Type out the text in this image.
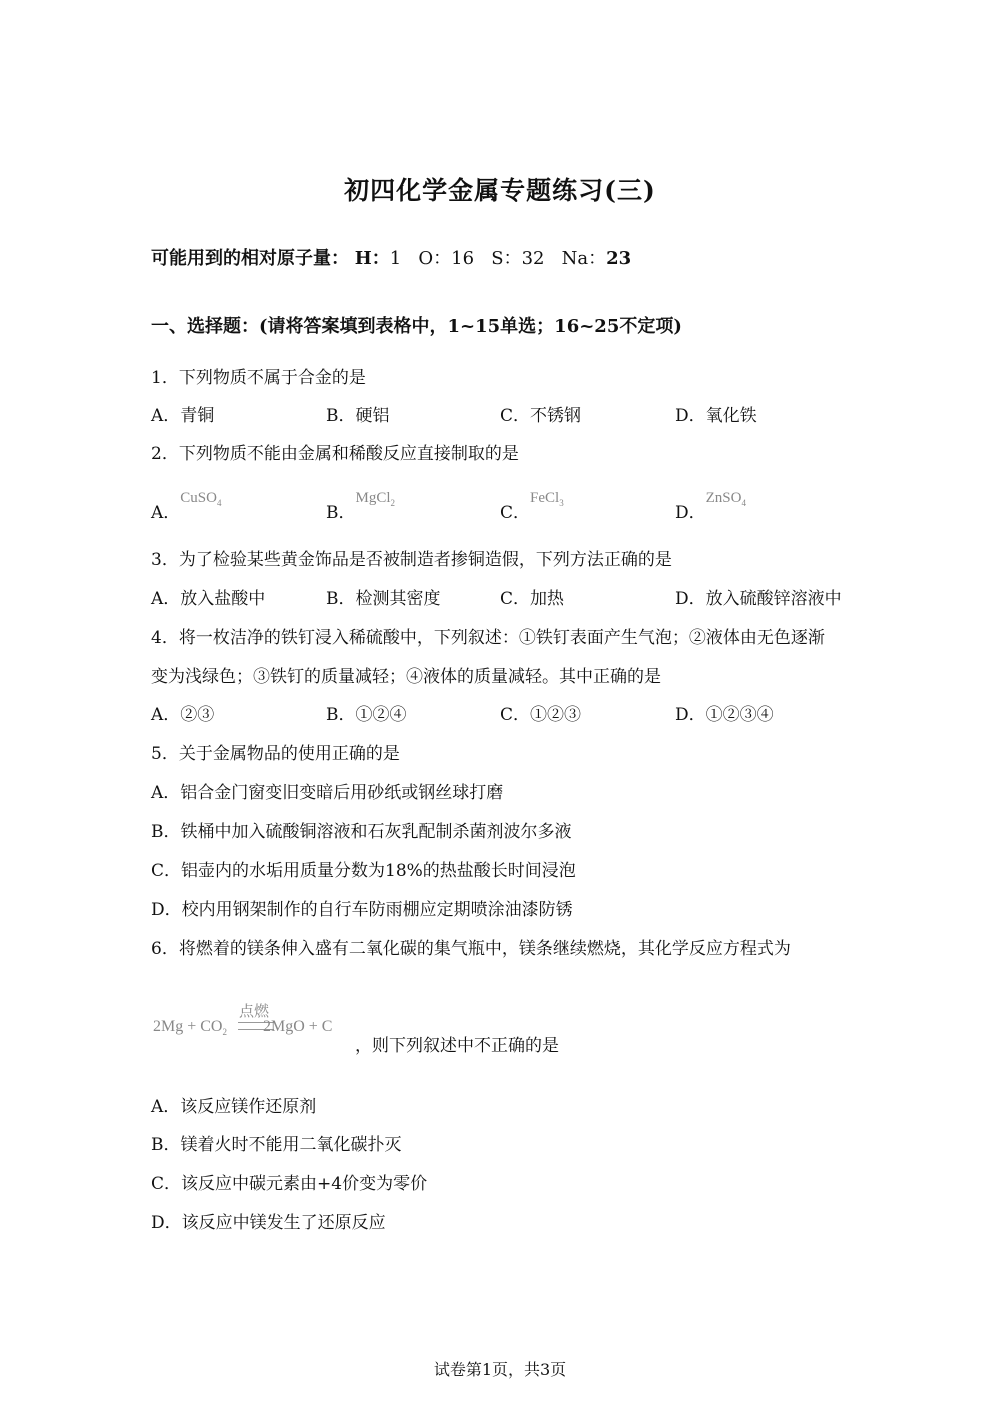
初四化学金属专题练习(三)
可能用到的相对原子量： H：1 O：16 S：32 Na：23
一、选择题：(请将答案填到表格中，1~15单选；16~25不定项)
1．下列物质不属于合金的是
A．青铜	B．硬铝	C．不锈钢	D．氧化铁
2．下列物质不能由金属和稀酸反应直接制取的是
A．CuSO$_4$	B．MgCl$_2$	C．FeCl$_3$	D．ZnSO$_4$
3．为了检验某些黄金饰品是否被制造者掺铜造假，下列方法正确的是
A．放入盐酸中	B．检测其密度	C．加热	D．放入硫酸锌溶液中
4．将一枚洁净的铁钉浸入稀硫酸中，下列叙述：①铁钉表面产生气泡；②液体由无色逐渐
变为浅绿色；③铁钉的质量减轻；④液体的质量减轻。其中正确的是
A．②③	B．①②④	C．①②③	D．①②③④
5．关于金属物品的使用正确的是
A．铝合金门窗变旧变暗后用砂纸或钢丝球打磨
B．铁桶中加入硫酸铜溶液和石灰乳配制杀菌剂波尔多液
C．铝壶内的水垢用质量分数为18%的热盐酸长时间浸泡
D．校内用钢架制作的自行车防雨棚应定期喷涂油漆防锈
6．将燃着的镁条伸入盛有二氧化碳的集气瓶中，镁条继续燃烧，其化学反应方程式为
点燃
$2Mg + CO_2$ 2MgO + C
，则下列叙述中不正确的是
A．该反应镁作还原剂
B．镁着火时不能用二氧化碳扑灭
C．该反应中碳元素由+4价变为零价
D．该反应中镁发生了还原反应
试卷第1页，共3页
